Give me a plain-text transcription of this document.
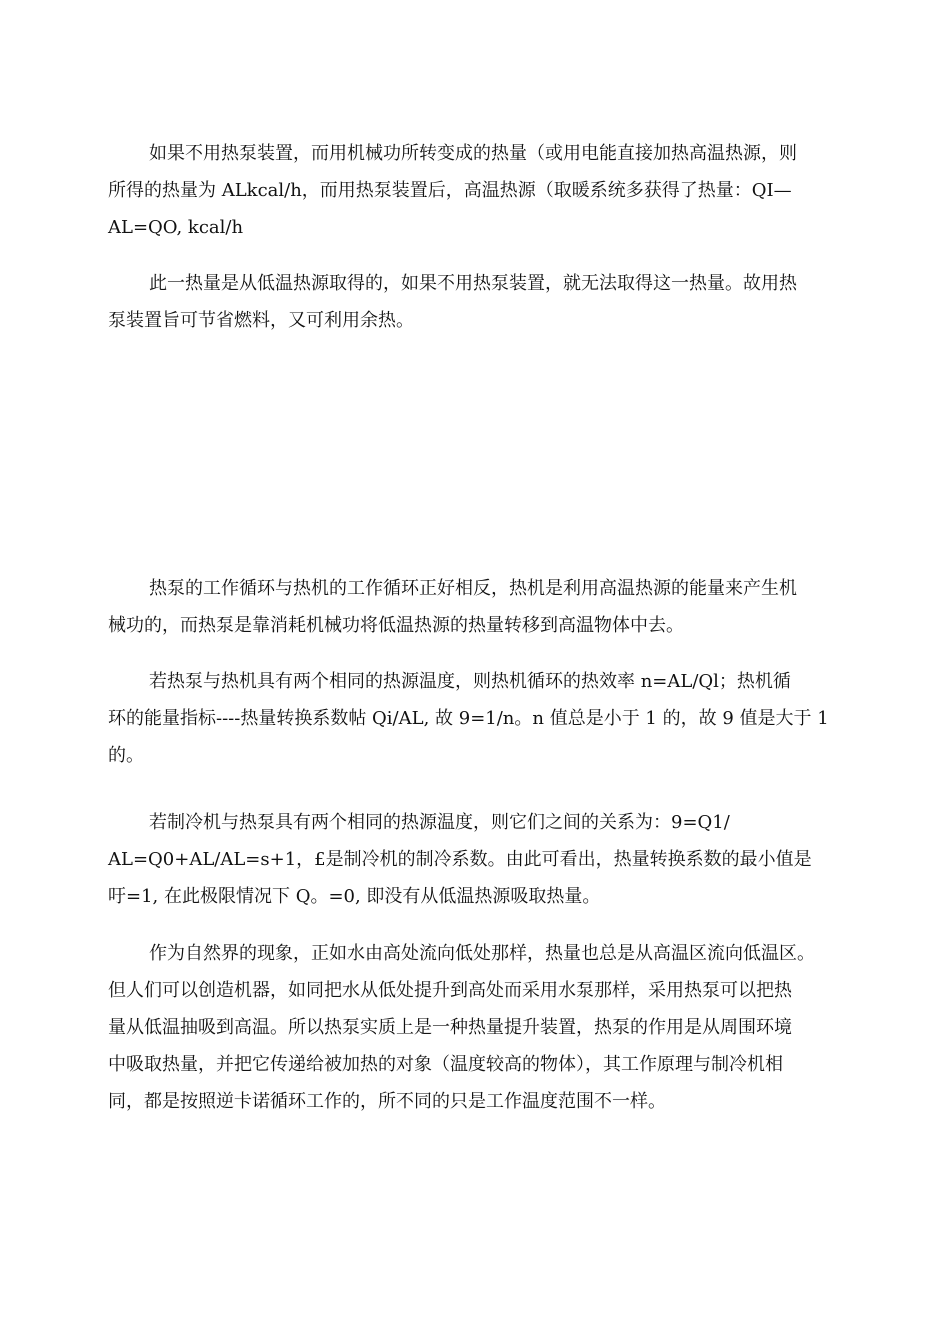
如果不用热泵装置，而用机械功所转变成的热量（或用电能直接加热高温热源，则
所得的热量为 ALkcal/h，而用热泵装置后，高温热源（取暖系统多获得了热量：QI—
AL=QO, kcal/h

此一热量是从低温热源取得的，如果不用热泵装置，就无法取得这一热量。故用热
泵装置旨可节省燃料，又可利用余热。

热泵的工作循环与热机的工作循环正好相反，热机是利用高温热源的能量来产生机
械功的，而热泵是靠消耗机械功将低温热源的热量转移到高温物体中去。

若热泵与热机具有两个相同的热源温度，则热机循环的热效率 n=AL/Ql；热机循
环的能量指标----热量转换系数帖 Qi/AL, 故 9=1/n。n 值总是小于 1 的，故 9 值是大于 1
的。

若制冷机与热泵具有两个相同的热源温度，则它们之间的关系为：9=Q1/
AL=Q0+AL/AL=s+1，£是制冷机的制冷系数。由此可看出，热量转换系数的最小值是
吁=1, 在此极限情况下 Q。=0, 即没有从低温热源吸取热量。

作为自然界的现象，正如水由高处流向低处那样，热量也总是从高温区流向低温区。
但人们可以创造机器，如同把水从低处提升到高处而采用水泵那样，采用热泵可以把热
量从低温抽吸到高温。所以热泵实质上是一种热量提升装置，热泵的作用是从周围环境
中吸取热量，并把它传递给被加热的对象（温度较高的物体），其工作原理与制冷机相
同，都是按照逆卡诺循环工作的，所不同的只是工作温度范围不一样。
